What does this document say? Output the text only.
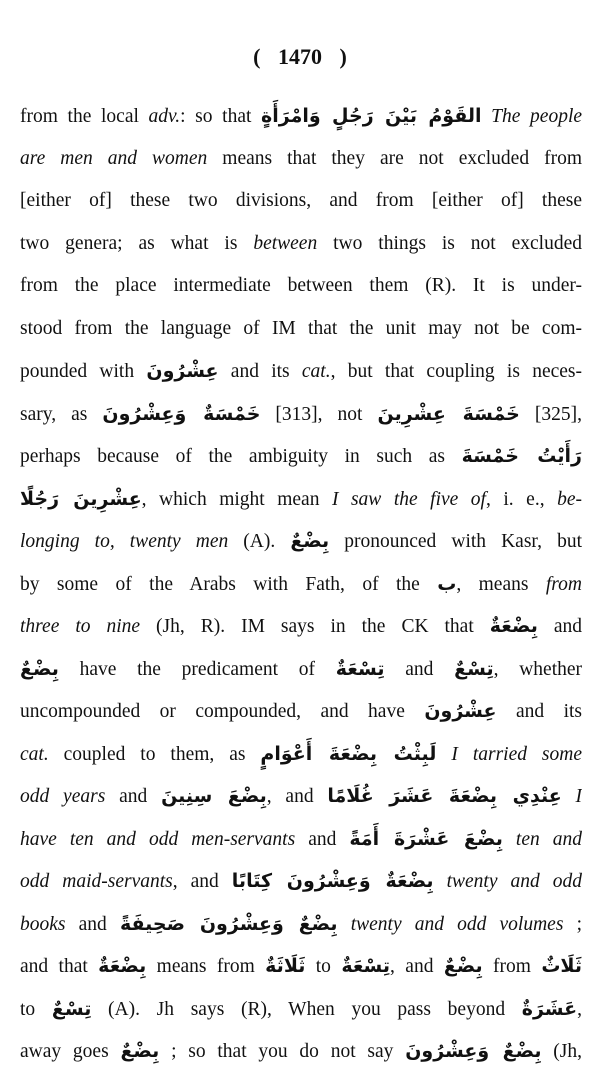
( 1470 )
from the local adv.: so that القَوْمُ بَيْنَ رَجُلٍ وَامْرَأَةٍ The people
are men and women means that they are not excluded from
[either of] these two divisions, and from [either of] these
two genera; as what is between two things is not excluded
from the place intermediate between them (R). It is under-
stood from the language of IM that the unit may not be com-
pounded with عِشْرُونَ and its cat., but that coupling is neces-
sary, as خَمْسَةٌ وَعِشْرُونَ [313], not خَمْسَةَ عِشْرِينَ [325],
perhaps because of the ambiguity in such as رَأَيْتُ خَمْسَةَ
عِشْرِينَ رَجُلًا, which might mean I saw the five of, i. e., be-
longing to, twenty men (A). بِضْعٌ pronounced with Kasr, but
by some of the Arabs with Fath, of the ب, means from
three to nine (Jh, R). IM says in the CK that بِضْعَةٌ and
بِضْعٌ have the predicament of تِسْعَةٌ and تِسْعٌ, whether
uncompounded or compounded, and have عِشْرُونَ and its
cat. coupled to them, as لَبِثْتُ بِضْعَةَ أَعْوَامٍ I tarried some
odd years and بِضْعَ سِنِينَ, and عِنْدِي بِضْعَةَ عَشَرَ غُلَامًا I
have ten and odd men-servants and بِضْعَ عَشْرَةَ أَمَةً ten and
odd maid-servants, and بِضْعَةٌ وَعِشْرُونَ كِتَابًا twenty and odd
books and بِضْعٌ وَعِشْرُونَ صَحِيفَةً twenty and odd volumes ;
and that بِضْعَةٌ means from ثَلَاثَةٌ to تِسْعَةٌ, and بِضْعٌ from ثَلَاثٌ
to تِسْعٌ (A). Jh says (R), When you pass beyond عَشَرَةٌ,
away goes بِضْعٌ ; so that you do not say بِضْعٌ وَعِشْرُونَ (Jh,
